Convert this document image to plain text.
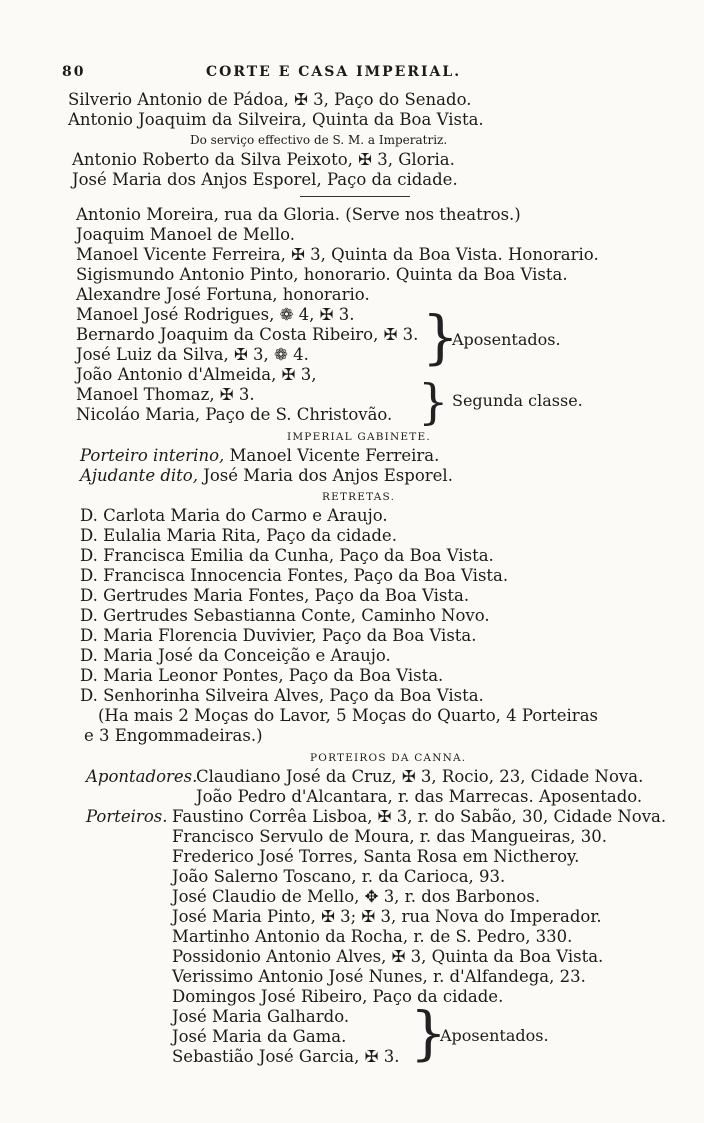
80	CORTE E CASA IMPERIAL.
Silverio Antonio de Pádoa, ✠ 3, Paço do Senado.
Antonio Joaquim da Silveira, Quinta da Boa Vista.
Do serviço effectivo de S. M. a Imperatriz.
Antonio Roberto da Silva Peixoto, ✠ 3, Gloria.
José Maria dos Anjos Esporel, Paço da cidade.
Antonio Moreira, rua da Gloria. (Serve nos theatros.)
Joaquim Manoel de Mello.
Manoel Vicente Ferreira, ✠ 3, Quinta da Boa Vista. Honorario.
Sigismundo Antonio Pinto, honorario. Quinta da Boa Vista.
Alexandre José Fortuna, honorario.
Manoel José Rodrigues, ❁ 4, ✠ 3.
Bernardo Joaquim da Costa Ribeiro, ✠ 3.
José Luiz da Silva, ✠ 3, ❁ 4.
João Antonio d'Almeida, ✠ 3,
Manoel Thomaz, ✠ 3.
Nicoláo Maria, Paço de S. Christovão.
}
Aposentados.
} Segunda classe.
IMPERIAL GABINETE.
Porteiro interino, Manoel Vicente Ferreira.
Ajudante dito, José Maria dos Anjos Esporel.
RETRETAS.
D. Carlota Maria do Carmo e Araujo.
D. Eulalia Maria Rita, Paço da cidade.
D. Francisca Emilia da Cunha, Paço da Boa Vista.
D. Francisca Innocencia Fontes, Paço da Boa Vista.
D. Gertrudes Maria Fontes, Paço da Boa Vista.
D. Gertrudes Sebastianna Conte, Caminho Novo.
D. Maria Florencia Duvivier, Paço da Boa Vista.
D. Maria José da Conceição e Araujo.
D. Maria Leonor Pontes, Paço da Boa Vista.
D. Senhorinha Silveira Alves, Paço da Boa Vista.
(Ha mais 2 Moças do Lavor, 5 Moças do Quarto, 4 Porteiras
e 3 Engommadeiras.)
PORTEIROS DA CANNA.
Apontadores.
Claudiano José da Cruz, ✠ 3, Rocio, 23, Cidade Nova.
João Pedro d'Alcantara, r. das Marrecas. Aposentado.
Porteiros. Faustino Corrêa Lisboa, ✠ 3, r. do Sabão, 30, Cidade Nova.
Francisco Servulo de Moura, r. das Mangueiras, 30.
Frederico José Torres, Santa Rosa em Nictheroy.
João Salerno Toscano, r. da Carioca, 93.
José Claudio de Mello, ✥ 3, r. dos Barbonos.
José Maria Pinto, ✠ 3; ✠ 3, rua Nova do Imperador.
Martinho Antonio da Rocha, r. de S. Pedro, 330.
Possidonio Antonio Alves, ✠ 3, Quinta da Boa Vista.
Verissimo Antonio José Nunes, r. d'Alfandega, 23.
Domingos José Ribeiro, Paço da cidade.
José Maria Galhardo.
José Maria da Gama.
Sebastião José Garcia, ✠ 3. }
Aposentados.
